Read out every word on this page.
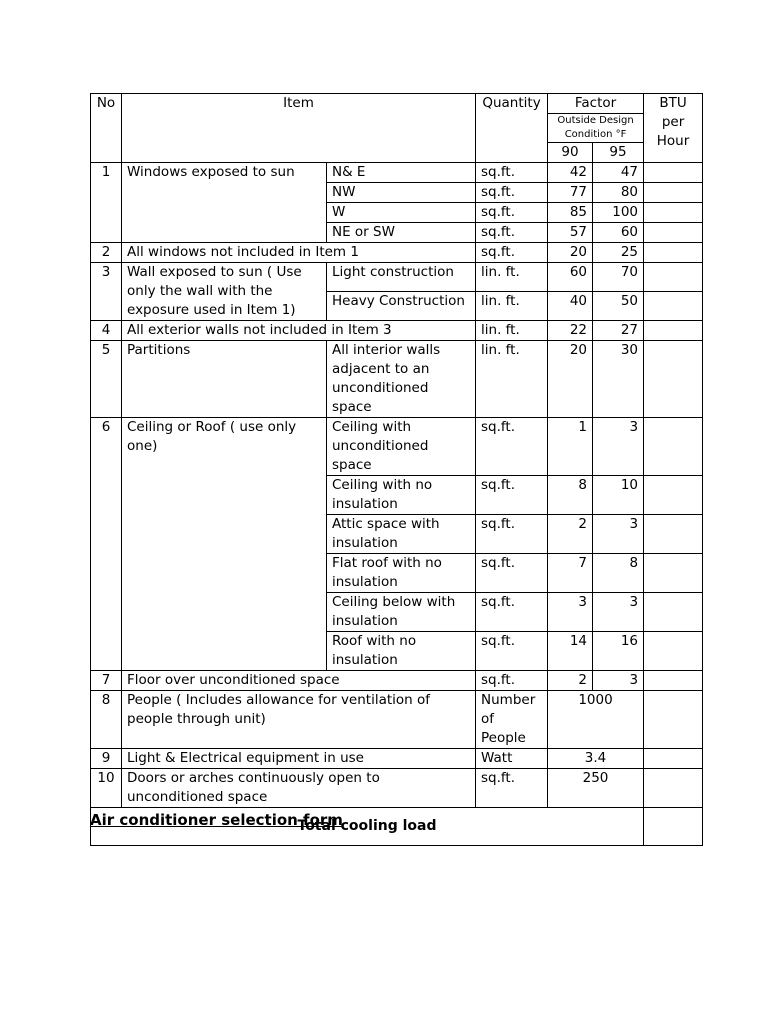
No	Item		Quantity	Factor		BTU per Hour
				Outside Design Condition °F		
				90	95	
1	Windows exposed to sun	N& E	sq.ft.	42	47	
		NW	sq.ft.	77	80	
		W	sq.ft.	85	100	
		NE or SW	sq.ft.	57	60	
2	All windows not included in Item 1		sq.ft.	20	25	
3	Wall exposed to sun ( Use only the wall with the exposure used in Item 1)	Light construction	lin. ft.	60	70	
		Heavy Construction	lin. ft.	40	50	
4	All exterior walls not included in Item 3		lin. ft.	22	27	
5	Partitions	All interior walls adjacent to an unconditioned space	lin. ft.	20	30	
6	Ceiling or Roof ( use only one)	Ceiling with unconditioned space	sq.ft.	1	3	
		Ceiling with no insulation	sq.ft.	8	10	
		Attic space with insulation	sq.ft.	2	3	
		Flat roof with no insulation	sq.ft.	7	8	
		Ceiling below with insulation	sq.ft.	3	3	
		Roof with no insulation	sq.ft.	14	16	
7	Floor over unconditioned space		sq.ft.	2	3	
8	People ( Includes allowance for ventilation of people through unit)		Number of People	1000		
9	Light & Electrical equipment in use		Watt	3.4		
10	Doors or arches continuously open to unconditioned space		sq.ft.	250		
Total cooling load						

Air conditioner selection form
